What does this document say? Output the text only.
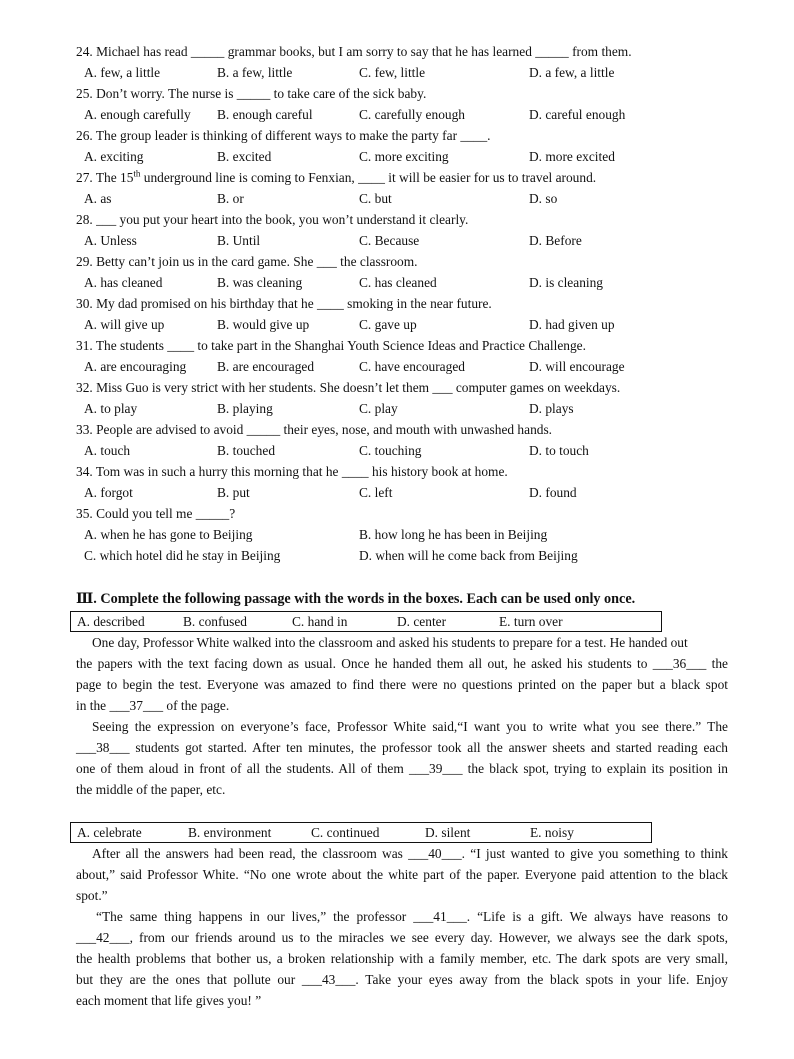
24. Michael has read _____ grammar books, but I am sorry to say that he has learned _____ from them.
A. few, a little	B. a few, little	C. few, little	D. a few, a little
25. Don’t worry. The nurse is _____ to take care of the sick baby.
A. enough carefully B. enough careful	C. carefully enough	D. careful enough
26. The group leader is thinking of different ways to make the party far ____.
A. exciting	B. excited	C. more exciting	D. more excited
27. The 15th underground line is coming to Fenxian, ____ it will be easier for us to travel around.
A. as	B. or	C. but	D. so
28. ___ you put your heart into the book, you won’t understand it clearly.
A. Unless	B. Until	C. Because	D. Before
29. Betty can’t join us in the card game. She ___ the classroom.
A. has cleaned	B. was cleaning	C. has cleaned	D. is cleaning
30. My dad promised on his birthday that he ____ smoking in the near future.
A. will give up	B. would give up	C. gave up	D. had given up
31. The students ____ to take part in the Shanghai Youth Science Ideas and Practice Challenge.
A. are encouraging B. are encouraged	C. have encouraged	D. will encourage
32. Miss Guo is very strict with her students. She doesn’t let them ___ computer games on weekdays.
A. to play	B. playing	C. play	D. plays
33. People are advised to avoid _____ their eyes, nose, and mouth with unwashed hands.
A. touch	B. touched	C. touching	D. to touch
34. Tom was in such a hurry this morning that he ____ his history book at home.
A. forgot	B. put	C. left	D. found
35. Could you tell me _____?
A. when he has gone to Beijing	B. how long he has been in Beijing
C. which hotel did he stay in Beijing	D. when will he come back from Beijing
Ⅲ. Complete the following passage with the words in the boxes. Each can be used only once.
A. described	B. confused	C. hand in	D. center	E. turn over
One day, Professor White walked into the classroom and asked his students to prepare for a test. He handed out
the papers with the text facing down as usual. Once he handed them all out, he asked his students to ___36___ the
page to begin the test. Everyone was amazed to find there were no questions printed on the paper but a black spot
in the ___37___ of the page.
Seeing the expression on everyone’s face, Professor White said,“I want you to write what you see there.” The
___38___ students got started. After ten minutes, the professor took all the answer sheets and started reading each
one of them aloud in front of all the students. All of them ___39___ the black spot, trying to explain its position in
the middle of the paper, etc.
A. celebrate	B. environment	C. continued	D. silent	E. noisy
After all the answers had been read, the classroom was ___40___. “I just wanted to give you something to think
about,” said Professor White. “No one wrote about the white part of the paper. Everyone paid attention to the black
spot.”
“The same thing happens in our lives,” the professor ___41___. “Life is a gift. We always have reasons to
___42___, from our friends around us to the miracles we see every day. However, we always see the dark spots,
the health problems that bother us, a broken relationship with a family member, etc. The dark spots are very small,
but they are the ones that pollute our ___43___. Take your eyes away from the black spots in your life. Enjoy
each moment that life gives you! ”
